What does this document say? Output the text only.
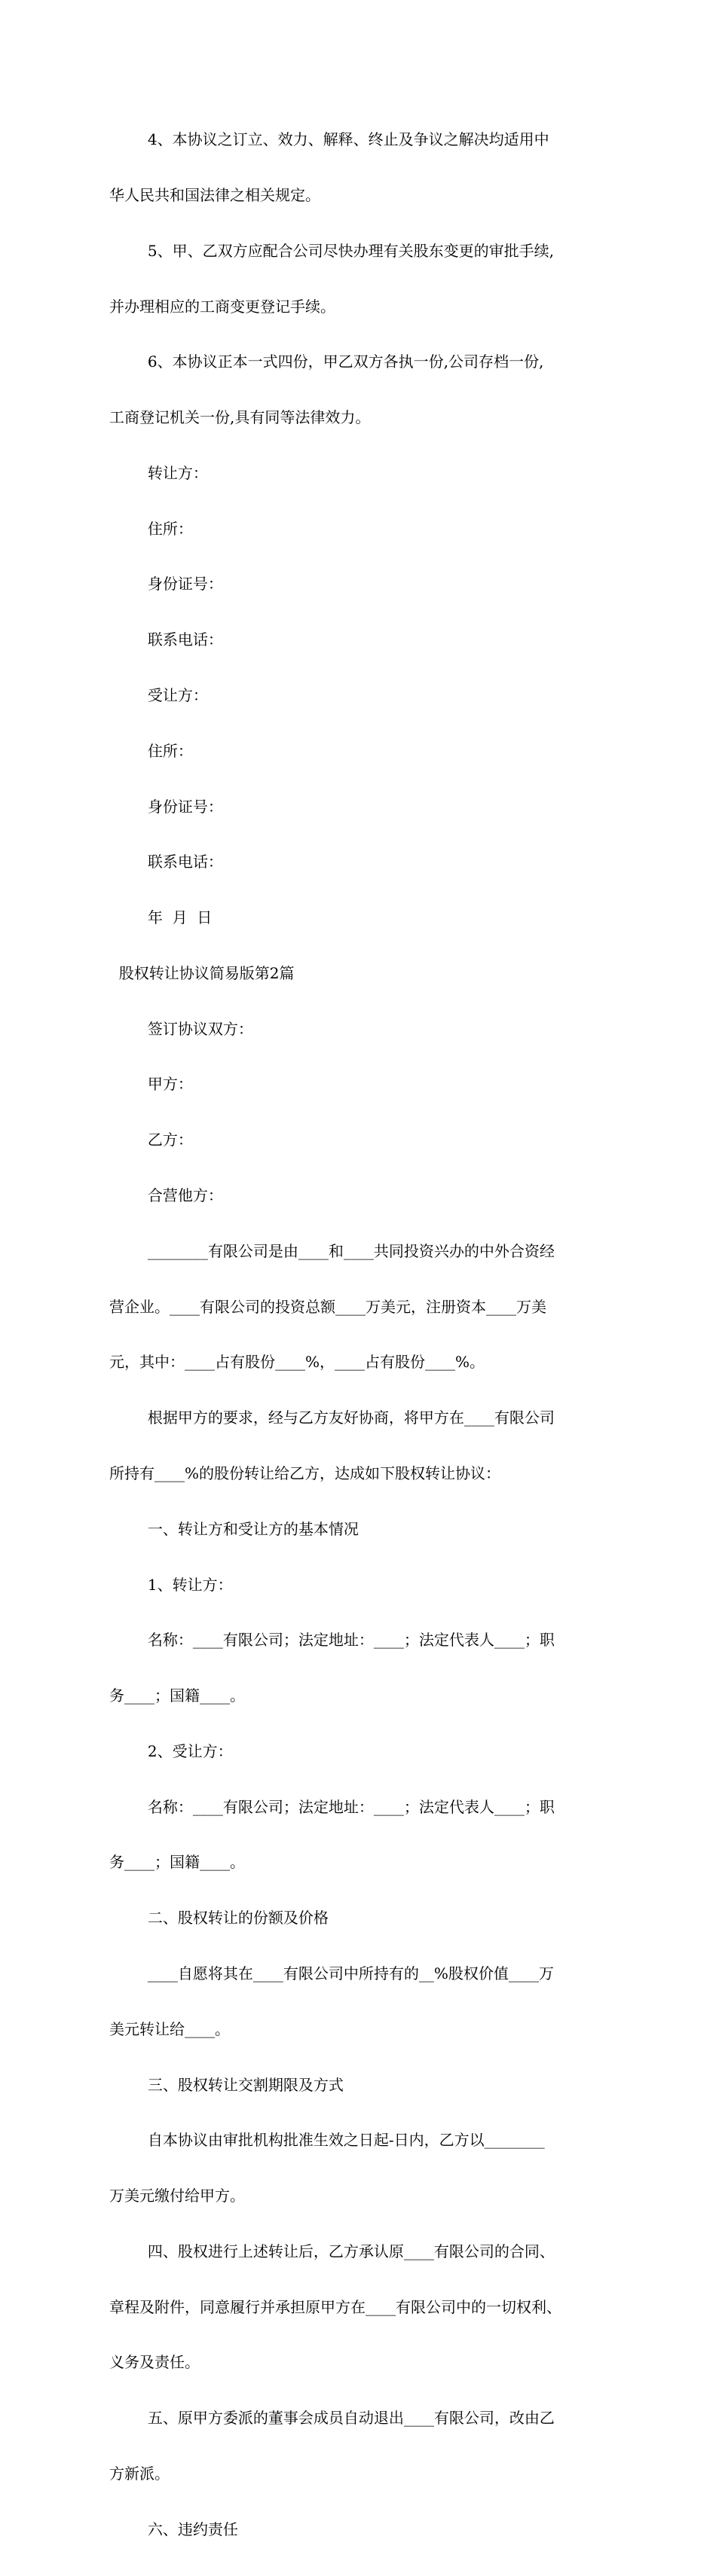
4、本协议之订立、效力、解释、终止及争议之解决均适用中

华人民共和国法律之相关规定。

5、甲、乙双方应配合公司尽快办理有关股东变更的审批手续,

并办理相应的工商变更登记手续。

6、本协议正本一式四份，甲乙双方各执一份,公司存档一份,

工商登记机关一份,具有同等法律效力。

转让方：

住所：

身份证号：

联系电话：

受让方：

住所：

身份证号：

联系电话：

年  月  日

股权转让协议简易版第2篇

签订协议双方：

甲方：

乙方：

合营他方：

________有限公司是由____和____共同投资兴办的中外合资经

营企业。____有限公司的投资总额____万美元，注册资本____万美

元，其中：____占有股份____%，____占有股份____%。

根据甲方的要求，经与乙方友好协商，将甲方在____有限公司

所持有____%的股份转让给乙方，达成如下股权转让协议：

一、转让方和受让方的基本情况

1、转让方：

名称：____有限公司；法定地址：____；法定代表人____；职

务____；国籍____。

2、受让方：

名称：____有限公司；法定地址：____；法定代表人____；职

务____；国籍____。

二、股权转让的份额及价格

____自愿将其在____有限公司中所持有的__%股权价值____万

美元转让给____。

三、股权转让交割期限及方式

自本协议由审批机构批准生效之日起-日内，乙方以________

万美元缴付给甲方。

四、股权进行上述转让后，乙方承认原____有限公司的合同、

章程及附件，同意履行并承担原甲方在____有限公司中的一切权利、

义务及责任。

五、原甲方委派的董事会成员自动退出____有限公司，改由乙

方新派。

六、违约责任
